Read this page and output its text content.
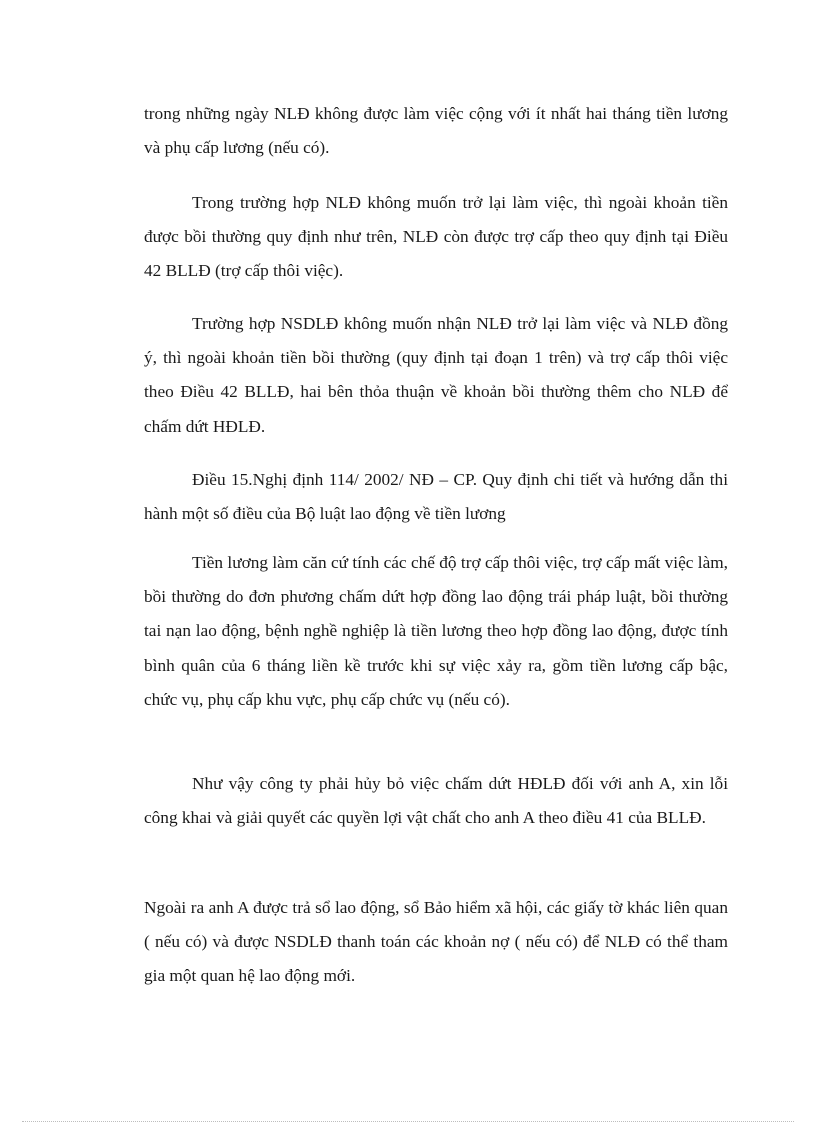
trong những ngày NLĐ không được làm việc cộng với ít nhất hai tháng tiền lương và phụ cấp lương (nếu có).

Trong trường hợp NLĐ không muốn trở lại làm việc, thì ngoài khoản tiền được bồi thường quy định như trên, NLĐ còn được trợ cấp theo quy định tại Điều 42 BLLĐ (trợ cấp thôi việc).

Trường hợp NSDLĐ không muốn nhận NLĐ trở lại làm việc và NLĐ đồng ý, thì ngoài khoản tiền bồi thường (quy định tại đoạn 1 trên) và trợ cấp thôi việc theo Điều 42 BLLĐ, hai bên thỏa thuận về khoản bồi thường thêm cho NLĐ để chấm dứt HĐLĐ.

Điều 15.Nghị định 114/ 2002/ NĐ – CP. Quy định chi tiết và hướng dẫn thi hành một số điều của Bộ luật lao động về tiền lương

Tiền lương làm căn cứ tính các chế độ trợ cấp thôi việc, trợ cấp mất việc làm, bồi thường do đơn phương chấm dứt hợp đồng lao động trái pháp luật, bồi thường tai nạn lao động, bệnh nghề nghiệp là tiền lương theo hợp đồng lao động, được tính bình quân của 6 tháng liền kề trước khi sự việc xảy ra, gồm tiền lương cấp bậc, chức vụ, phụ cấp khu vực, phụ cấp chức vụ (nếu có).

Như vậy công ty phải hủy bỏ việc chấm dứt HĐLĐ đối với anh A, xin lỗi công khai và giải quyết các quyền lợi vật chất cho anh A theo điều 41 của BLLĐ.

Ngoài ra anh A được trả sổ lao động, sổ Bảo hiểm xã hội, các giấy tờ khác liên quan ( nếu có) và được NSDLĐ thanh toán các khoản nợ ( nếu có) để NLĐ có thể tham gia một quan hệ lao động mới.
